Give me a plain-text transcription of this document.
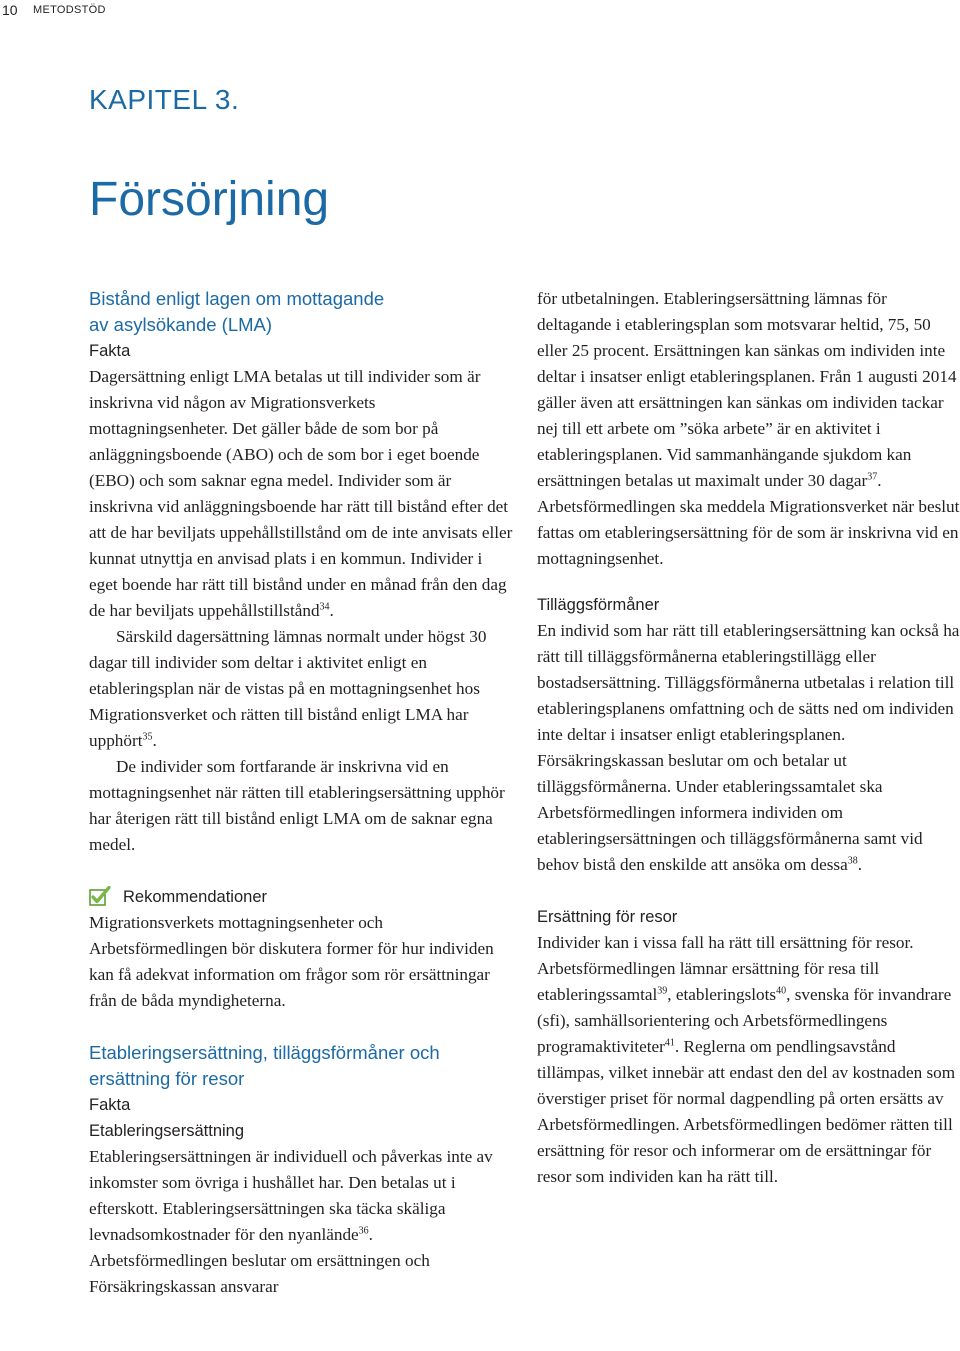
10 METODSTÖD
KAPITEL 3.
Försörjning
Bistånd enligt lagen om mottagande
av asylsökande (LMA)
Fakta

Dagersättning enligt LMA betalas ut till individer som är inskrivna vid någon av Migrationsverkets mottagningsenheter. Det gäller både de som bor på anläggningsboende (ABO) och de som bor i eget boende (EBO) och som saknar egna medel. Individer som är inskrivna vid anläggningsboende har rätt till bistånd efter det att de har beviljats uppehållstillstånd om de inte anvisats eller kunnat utnyttja en anvisad plats i en kommun. Individer i eget boende har rätt till bistånd under en månad från den dag de har beviljats uppehållstillstånd$^{34}$.

Särskild dagersättning lämnas normalt under högst 30 dagar till individer som deltar i aktivitet enligt en etableringsplan när de vistas på en mottagningsenhet hos Migrationsverket och rätten till bistånd enligt LMA har upphört$^{35}$.

De individer som fortfarande är inskrivna vid en mottagningsenhet när rätten till etableringsersättning upphör har återigen rätt till bistånd enligt LMA om de saknar egna medel.

Rekommendationer

Migrationsverkets mottagningsenheter och Arbetsförmedlingen bör diskutera former för hur individen kan få adekvat information om frågor som rör ersättningar från de båda myndigheterna.

Etableringsersättning, tilläggsförmåner och
ersättning för resor
Fakta
Etableringsersättning

Etableringsersättningen är individuell och påverkas inte av inkomster som övriga i hushållet har. Den betalas ut i efterskott. Etableringsersättningen ska täcka skäliga levnadsomkostnader för den nyanlände$^{36}$. Arbetsförmedlingen beslutar om ersättningen och Försäkringskassan ansvarar

för utbetalningen. Etableringsersättning lämnas för deltagande i etableringsplan som motsvarar heltid, 75, 50 eller 25 procent. Ersättningen kan sänkas om individen inte deltar i insatser enligt etableringsplanen. Från 1 augusti 2014 gäller även att ersättningen kan sänkas om individen tackar nej till ett arbete om ”söka arbete” är en aktivitet i etableringsplanen. Vid sammanhängande sjukdom kan ersättningen betalas ut maximalt under 30 dagar$^{37}$. Arbetsförmedlingen ska meddela Migrationsverket när beslut fattas om etableringsersättning för de som är inskrivna vid en mottagningsenhet.

Tilläggsförmåner

En individ som har rätt till etableringsersättning kan också ha rätt till tilläggsförmånerna etableringstillägg eller bostadsersättning. Tilläggsförmånerna utbetalas i relation till etableringsplanens omfattning och de sätts ned om individen inte deltar i insatser enligt etableringsplanen. Försäkringskassan beslutar om och betalar ut tilläggsförmånerna. Under etableringssamtalet ska Arbetsförmedlingen informera individen om etableringsersättningen och tilläggsförmånerna samt vid behov bistå den enskilde att ansöka om dessa$^{38}$.

Ersättning för resor

Individer kan i vissa fall ha rätt till ersättning för resor. Arbetsförmedlingen lämnar ersättning för resa till etableringssamtal$^{39}$, etableringslots$^{40}$, svenska för invandrare (sfi), samhällsorientering och Arbetsförmedlingens programaktiviteter$^{41}$. Reglerna om pendlingsavstånd tillämpas, vilket innebär att endast den del av kostnaden som överstiger priset för normal dagpendling på orten ersätts av Arbetsförmedlingen. Arbetsförmedlingen bedömer rätten till ersättning för resor och informerar om de ersättningar för resor som individen kan ha rätt till.
